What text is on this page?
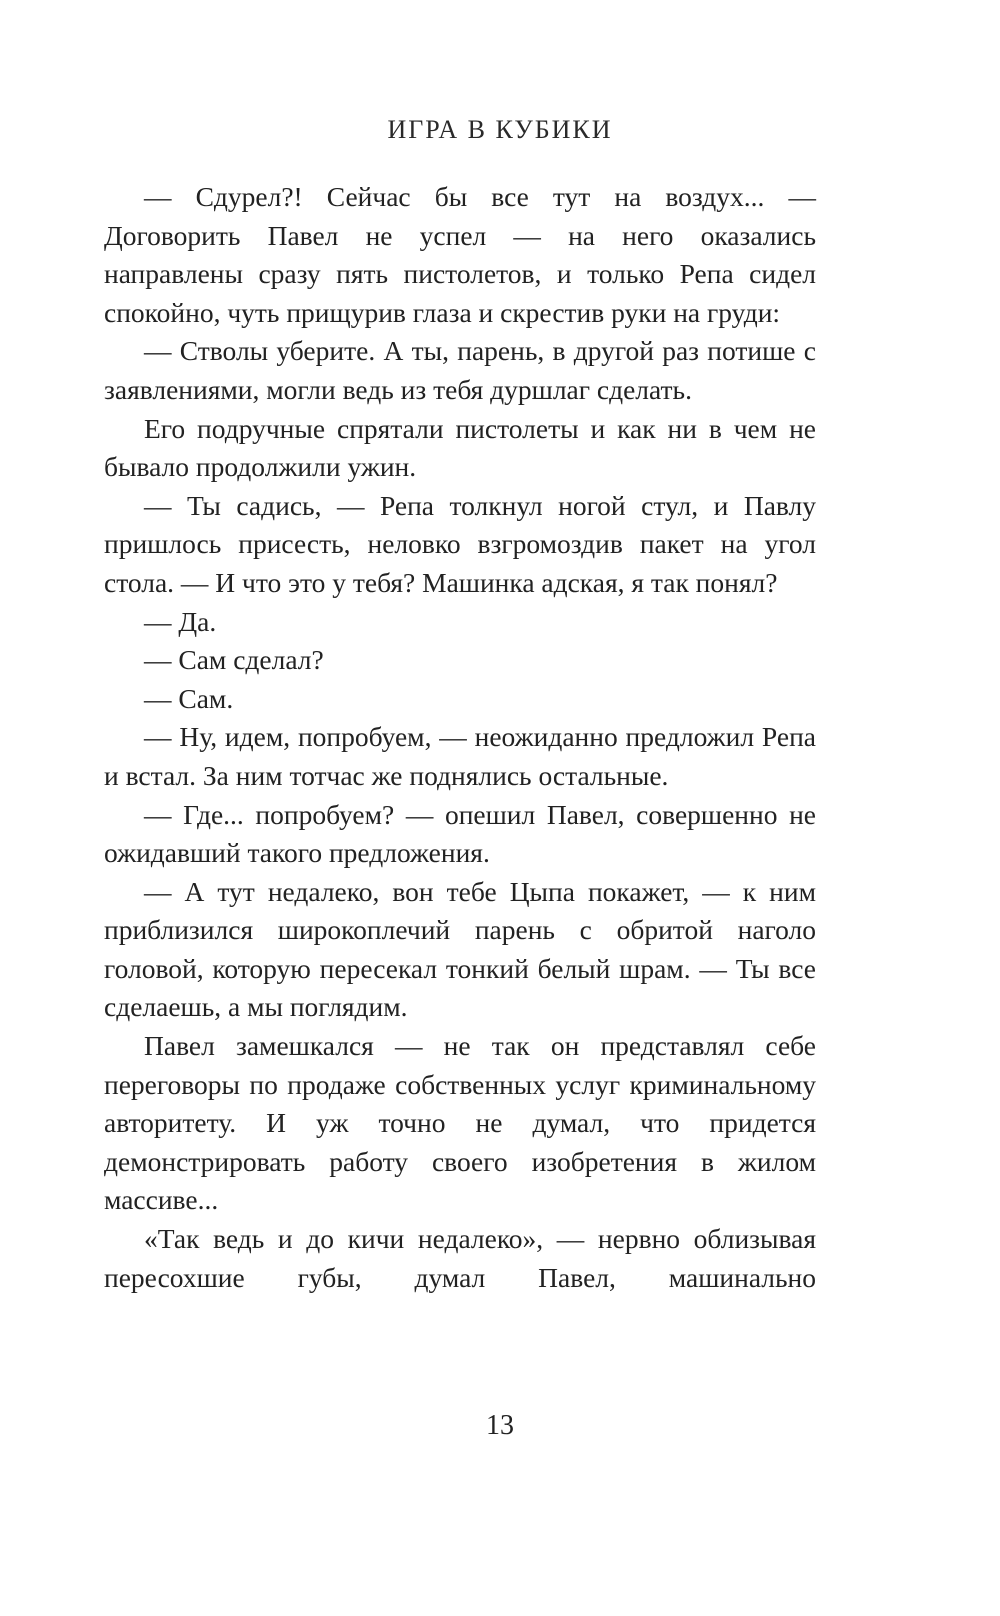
ИГРА В КУБИКИ

— Сдурел?! Сейчас бы все тут на воздух... — Договорить Павел не успел — на него оказались направлены сразу пять пистолетов, и только Репа сидел спокойно, чуть прищурив глаза и скрестив руки на груди:

— Стволы уберите. А ты, парень, в другой раз потише с заявлениями, могли ведь из тебя дуршлаг сделать.

Его подручные спрятали пистолеты и как ни в чем не бывало продолжили ужин.

— Ты садись, — Репа толкнул ногой стул, и Павлу пришлось присесть, неловко взгромоздив пакет на угол стола. — И что это у тебя? Машинка адская, я так понял?

— Да.

— Сам сделал?

— Сам.

— Ну, идем, попробуем, — неожиданно предложил Репа и встал. За ним тотчас же поднялись остальные.

— Где... попробуем? — опешил Павел, совершенно не ожидавший такого предложения.

— А тут недалеко, вон тебе Цыпа покажет, — к ним приблизился широкоплечий парень с обритой наголо головой, которую пересекал тонкий белый шрам. — Ты все сделаешь, а мы поглядим.

Павел замешкался — не так он представлял себе переговоры по продаже собственных услуг криминальному авторитету. И уж точно не думал, что придется демонстрировать работу своего изобретения в жилом массиве...

«Так ведь и до кичи недалеко», — нервно облизывая пересохшие губы, думал Павел, машинально

13
